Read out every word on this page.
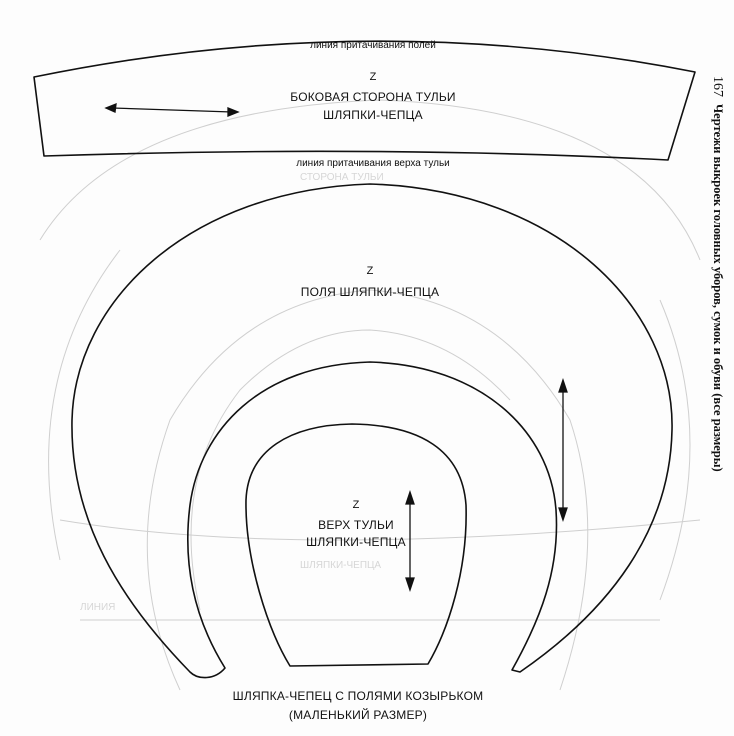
СТОРОНА ТУЛЬИ
ШЛЯПКИ-ЧЕПЦА
ЛИНИЯ
линия притачивания полей
Z
БОКОВАЯ СТОРОНА ТУЛЬИ
ШЛЯПКИ-ЧЕПЦА
линия притачивания верха тульи
Z
ПОЛЯ ШЛЯПКИ-ЧЕПЦА
Z
ВЕРХ ТУЛЬИ
ШЛЯПКИ-ЧЕПЦА
ШЛЯПКА-ЧЕПЕЦ С ПОЛЯМИ КОЗЫРЬКОМ
(МАЛЕНЬКИЙ РАЗМЕР)
167
Чертежи выкроек головных уборов, сумок и обуви (все размеры)
